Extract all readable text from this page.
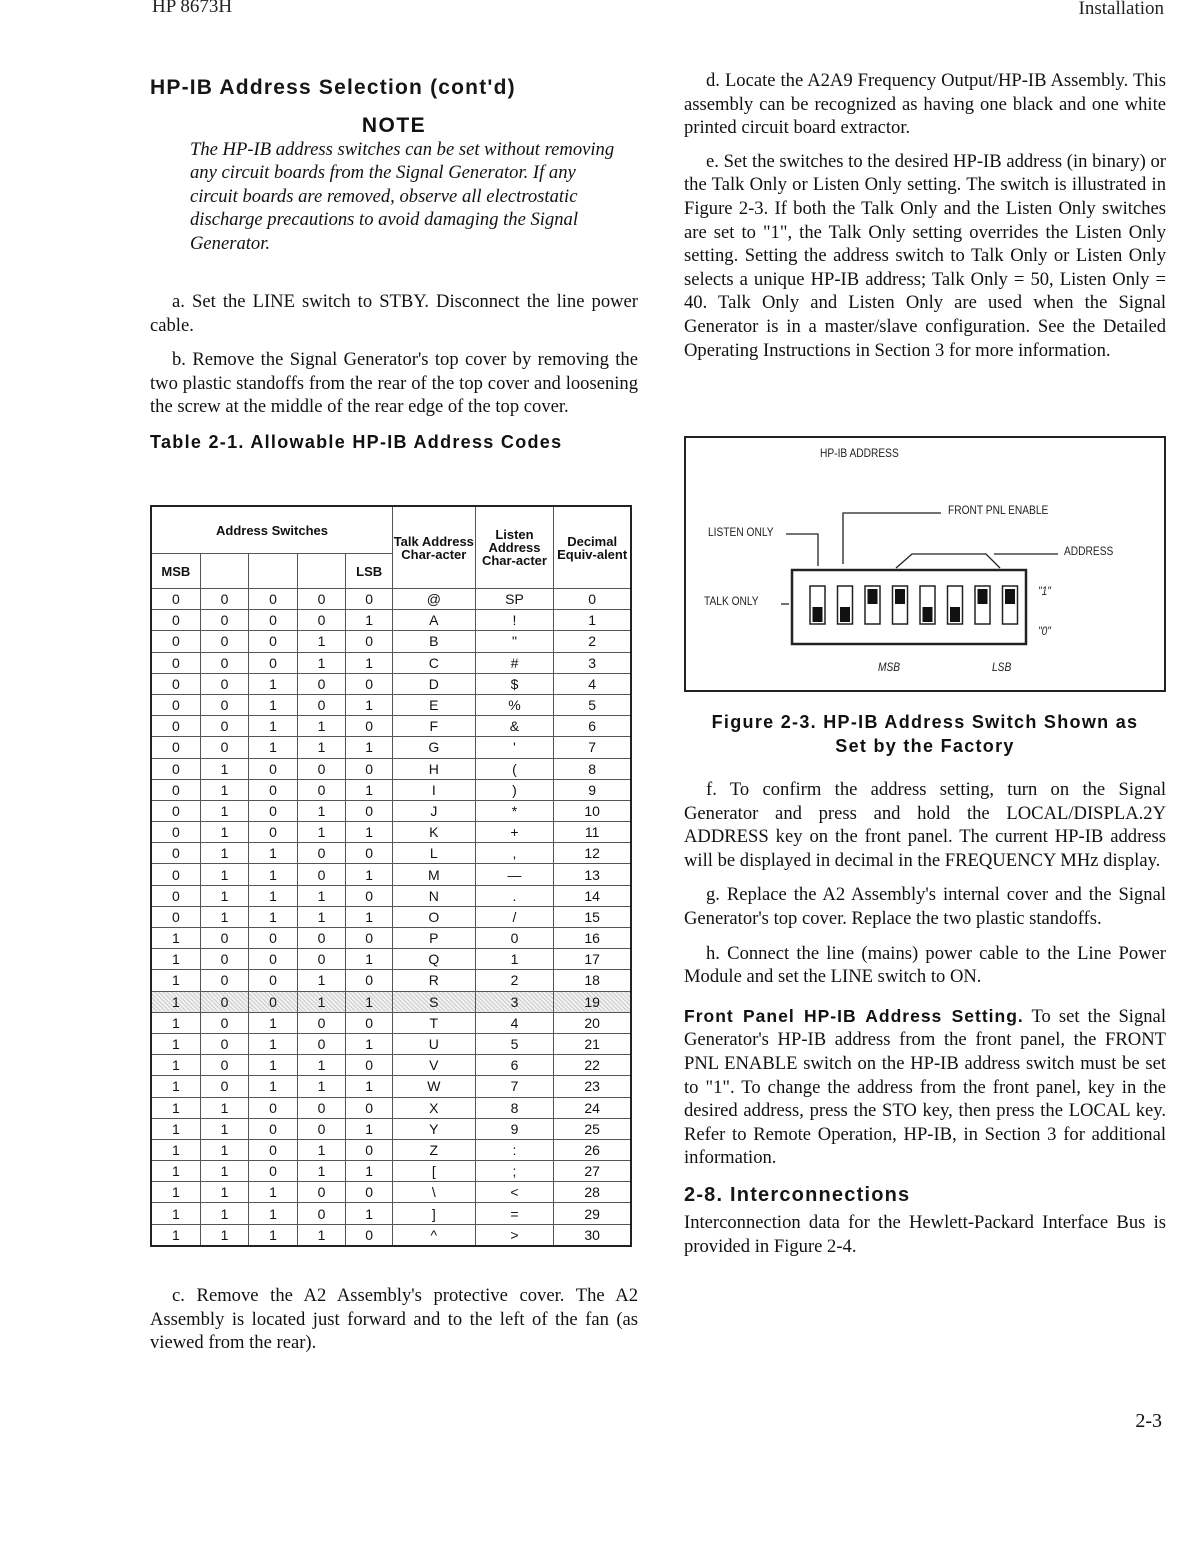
HP 8673H	Installation
HP-IB Address Selection (cont'd)

NOTE

The HP-IB address switches can be set without removing any circuit boards from the Signal Generator. If any circuit boards are removed, observe all electrostatic discharge precautions to avoid damaging the Signal Generator.

a. Set the LINE switch to STBY. Disconnect the line power cable.

b. Remove the Signal Generator's top cover by removing the two plastic standoffs from the rear of the top cover and loosening the screw at the middle of the rear edge of the top cover.

Table 2-1. Allowable HP-IB Address Codes

Address Switches					Talk Address Char-acter	Listen Address Char-acter	Decimal Equiv-alent
MSB				LSB			
0	0	0	0	0	@	SP	0
0	0	0	0	1	A	!	1
0	0	0	1	0	B	"	2
0	0	0	1	1	C	#	3
0	0	1	0	0	D	$	4
0	0	1	0	1	E	%	5
0	0	1	1	0	F	&	6
0	0	1	1	1	G	'	7
0	1	0	0	0	H	(	8
0	1	0	0	1	I	)	9
0	1	0	1	0	J	*	10
0	1	0	1	1	K	+	11
0	1	1	0	0	L	,	12
0	1	1	0	1	M	—	13
0	1	1	1	0	N	.	14
0	1	1	1	1	O	/	15
1	0	0	0	0	P	0	16
1	0	0	0	1	Q	1	17
1	0	0	1	0	R	2	18
1	0	0	1	1	S	3	19
1	0	1	0	0	T	4	20
1	0	1	0	1	U	5	21
1	0	1	1	0	V	6	22
1	0	1	1	1	W	7	23
1	1	0	0	0	X	8	24
1	1	0	0	1	Y	9	25
1	1	0	1	0	Z	:	26
1	1	0	1	1	[	;	27
1	1	1	0	0	\	<	28
1	1	1	0	1	]	=	29
1	1	1	1	0	^	>	30

c. Remove the A2 Assembly's protective cover. The A2 Assembly is located just forward and to the left of the fan (as viewed from the rear).

d. Locate the A2A9 Frequency Output/HP-IB Assembly. This assembly can be recognized as having one black and one white printed circuit board extractor.

e. Set the switches to the desired HP-IB address (in binary) or the Talk Only or Listen Only setting. The switch is illustrated in Figure 2-3. If both the Talk Only and the Listen Only switches are set to "1", the Talk Only setting overrides the Listen Only setting. Setting the address switch to Talk Only or Listen Only selects a unique HP-IB address; Talk Only = 50, Listen Only = 40. Talk Only and Listen Only are used when the Signal Generator is in a master/slave configuration. See the Detailed Operating Instructions in Section 3 for more information.

HP-IB ADDRESS
FRONT PNL ENABLE
LISTEN ONLY
ADDRESS
TALK ONLY
"1"
"0"
MSB	LSB

Figure 2-3. HP-IB Address Switch Shown as Set by the Factory

f. To confirm the address setting, turn on the Signal Generator and press and hold the LOCAL/DISPLA.2Y ADDRESS key on the front panel. The current HP-IB address will be displayed in decimal in the FREQUENCY MHz display.

g. Replace the A2 Assembly's internal cover and the Signal Generator's top cover. Replace the two plastic standoffs.

h. Connect the line (mains) power cable to the Line Power Module and set the LINE switch to ON.

Front Panel HP-IB Address Setting. To set the Signal Generator's HP-IB address from the front panel, the FRONT PNL ENABLE switch on the HP-IB address switch must be set to "1". To change the address from the front panel, key in the desired address, press the STO key, then press the LOCAL key. Refer to Remote Operation, HP-IB, in Section 3 for additional information.

2-8. Interconnections

Interconnection data for the Hewlett-Packard Interface Bus is provided in Figure 2-4.

2-3
